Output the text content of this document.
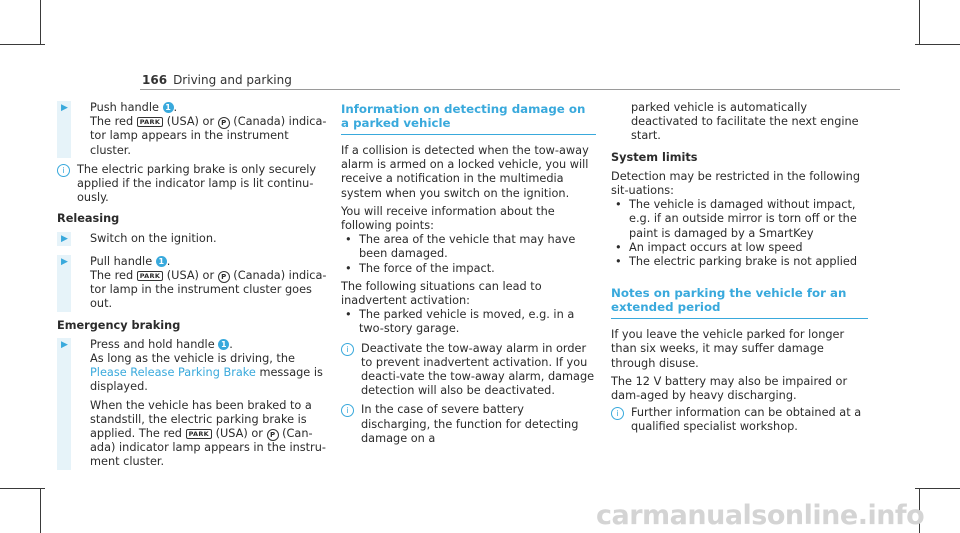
166 Driving and parking
▶ Push handle 1 .

The red PARK (USA) or P (Canada) indica-

tor lamp appears in the instrument cluster.

i	The electric parking brake is only securely applied if the indicator lamp is lit continu-ously.

Releasing

▶ Switch on the ignition.

▶ Pull handle 1 .

The red PARK (USA) or P (Canada) indica-

tor lamp in the instrument cluster goes out.

Emergency braking

▶ Press and hold handle 1 .

As long as the vehicle is driving, the Please Release Parking Brake message is displayed.

When the vehicle has been braked to a standstill, the electric parking brake is applied. The red PARK (USA) or P (Can-ada) indicator lamp appears in the instru-ment cluster.

Information on detecting damage on a parked vehicle

If a collision is detected when the tow-away alarm is armed on a locked vehicle, you will receive a notification in the multimedia system when you switch on the ignition.

You will receive information about the following points:

• The area of the vehicle that may have been damaged.
• The force of the impact.

The following situations can lead to inadvertent activation:

• The parked vehicle is moved, e.g. in a two-story garage.
i	Deactivate the tow-away alarm in order to prevent inadvertent activation. If you deacti-vate the tow-away alarm, damage detection will also be deactivated.

i	In the case of severe battery discharging, the function for detecting damage on a

parked vehicle is automatically deactivated to facilitate the next engine start.

System limits

Detection may be restricted in the following sit-uations:

• The vehicle is damaged without impact, e.g. if an outside mirror is torn off or the paint is damaged by a SmartKey
• An impact occurs at low speed
• The electric parking brake is not applied

Notes on parking the vehicle for an extended period

If you leave the vehicle parked for longer than six weeks, it may suffer damage through disuse.

The 12 V battery may also be impaired or dam-aged by heavy discharging.

i	Further information can be obtained at a qualified specialist workshop.

carmanualsonline.info
